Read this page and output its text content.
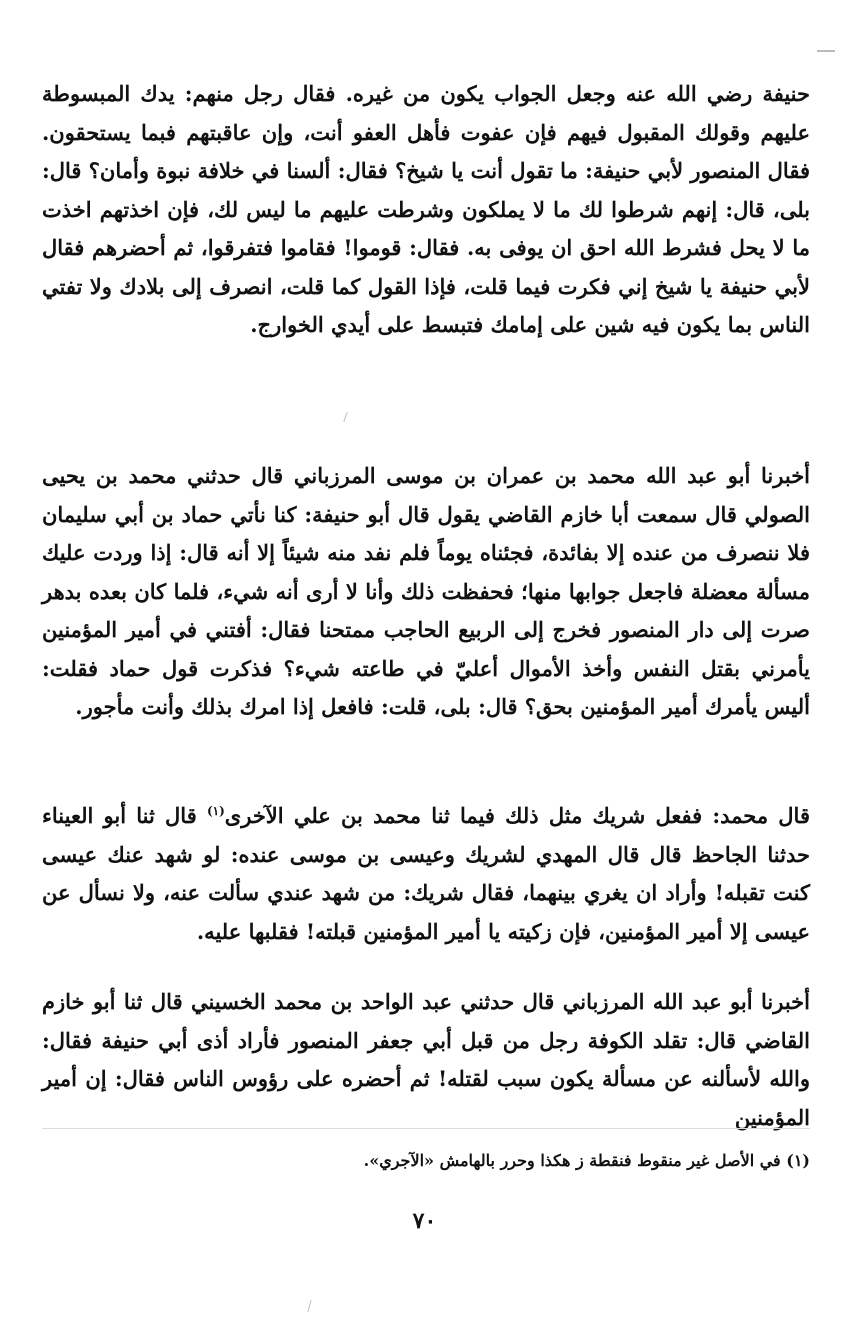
حنيفة رضي الله عنه وجعل الجواب يكون من غيره. فقال رجل منهم: يدك المبسوطة عليهم وقولك المقبول فيهم فإن عفوت فأهل العفو أنت، وإن عاقبتهم فبما يستحقون. فقال المنصور لأبي حنيفة: ما تقول أنت يا شيخ؟ فقال: ألسنا في خلافة نبوة وأمان؟ قال: بلى، قال: إنهم شرطوا لك ما لا يملكون وشرطت عليهم ما ليس لك، فإن اخذتهم اخذت ما لا يحل فشرط الله احق ان يوفى به. فقال: قوموا! فقاموا فتفرقوا، ثم أحضرهم فقال لأبي حنيفة يا شيخ إني فكرت فيما قلت، فإذا القول كما قلت، انصرف إلى بلادك ولا تفتي الناس بما يكون فيه شين على إمامك فتبسط على أيدي الخوارج.

أخبرنا أبو عبد الله محمد بن عمران بن موسى المرزباني قال حدثني محمد بن يحيى الصولي قال سمعت أبا خازم القاضي يقول قال أبو حنيفة: كنا نأتي حماد بن أبي سليمان فلا ننصرف من عنده إلا بفائدة، فجئناه يوماً فلم نفد منه شيئاً إلا أنه قال: إذا وردت عليك مسألة معضلة فاجعل جوابها منها؛ فحفظت ذلك وأنا لا أرى أنه شيء، فلما كان بعده بدهر صرت إلى دار المنصور فخرج إلى الربيع الحاجب ممتحنا فقال: أفتني في أمير المؤمنين يأمرني بقتل النفس وأخذ الأموال أعليّ في طاعته شيء؟ فذكرت قول حماد فقلت: أليس يأمرك أمير المؤمنين بحق؟ قال: بلى، قلت: فافعل إذا امرك بذلك وأنت مأجور.

قال محمد: ففعل شريك مثل ذلك فيما ثنا محمد بن علي الآخرى$^{(١)}$ قال ثنا أبو العيناء حدثنا الجاحظ قال قال المهدي لشريك وعيسى بن موسى عنده: لو شهد عنك عيسى كنت تقبله! وأراد ان يغري بينهما، فقال شريك: من شهد عندي سألت عنه، ولا نسأل عن عيسى إلا أمير المؤمنين، فإن زكيته يا أمير المؤمنين قبلته! فقلبها عليه.

أخبرنا أبو عبد الله المرزباني قال حدثني عبد الواحد بن محمد الخسيني قال ثنا أبو خازم القاضي قال: تقلد الكوفة رجل من قبل أبي جعفر المنصور فأراد أذى أبي حنيفة فقال: والله لأسألنه عن مسألة يكون سبب لقتله! ثم أحضره على رؤوس الناس فقال: إن أمير المؤمنين

(١) في الأصل غير منقوط فنقطة ز هكذا وحرر بالهامش «الآجري».
٧٠
